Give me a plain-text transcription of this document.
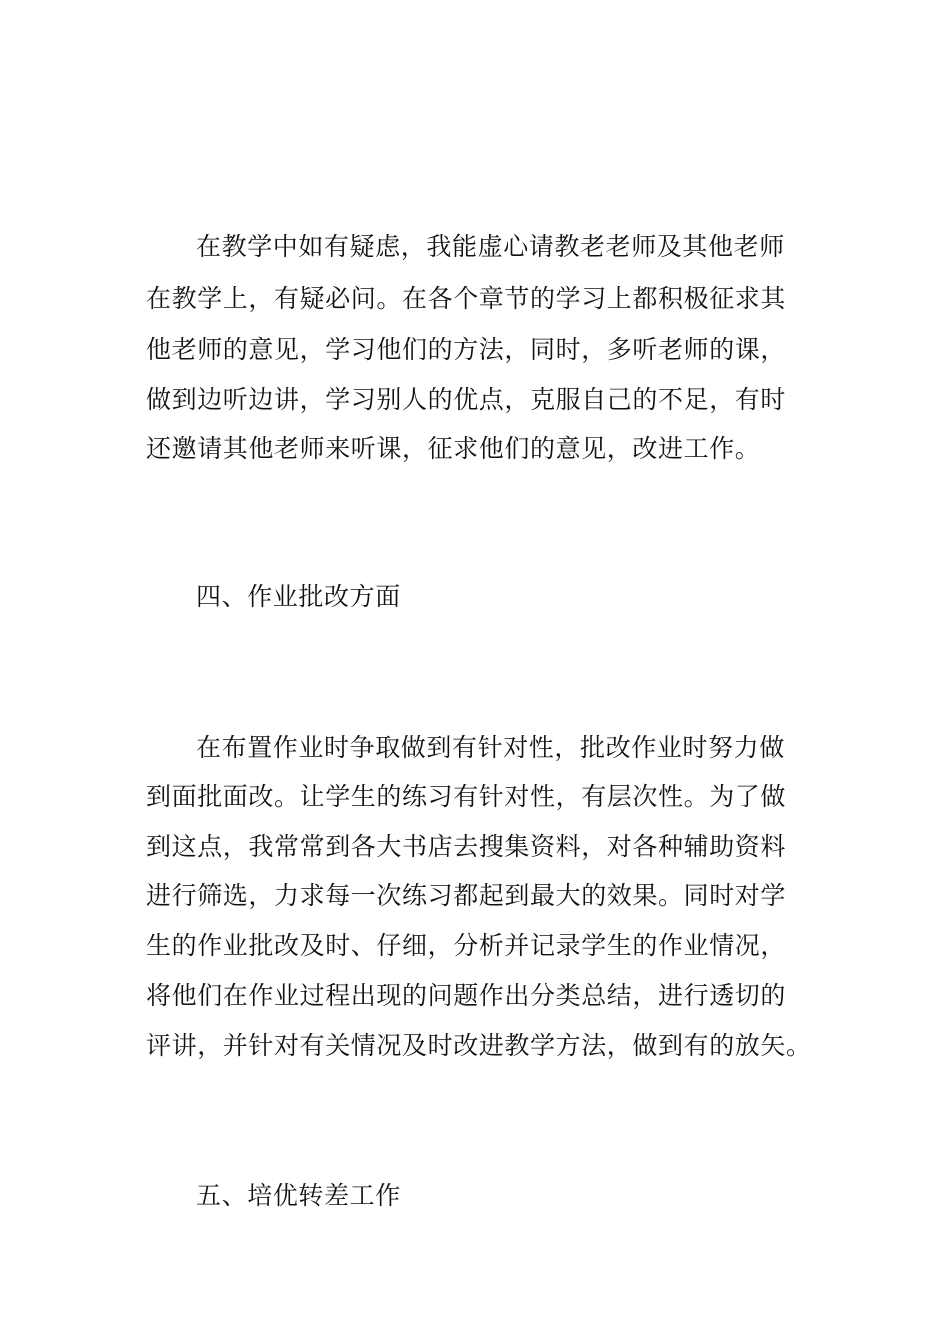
在教学中如有疑虑，我能虚心请教老老师及其他老师
在教学上，有疑必问。在各个章节的学习上都积极征求其
他老师的意见，学习他们的方法，同时，多听老师的课，
做到边听边讲，学习别人的优点，克服自己的不足，有时
还邀请其他老师来听课，征求他们的意见，改进工作。
四、作业批改方面
在布置作业时争取做到有针对性，批改作业时努力做
到面批面改。让学生的练习有针对性，有层次性。为了做
到这点，我常常到各大书店去搜集资料，对各种辅助资料
进行筛选，力求每一次练习都起到最大的效果。同时对学
生的作业批改及时、仔细，分析并记录学生的作业情况，
将他们在作业过程出现的问题作出分类总结，进行透切的
评讲，并针对有关情况及时改进教学方法，做到有的放矢。
五、培优转差工作
